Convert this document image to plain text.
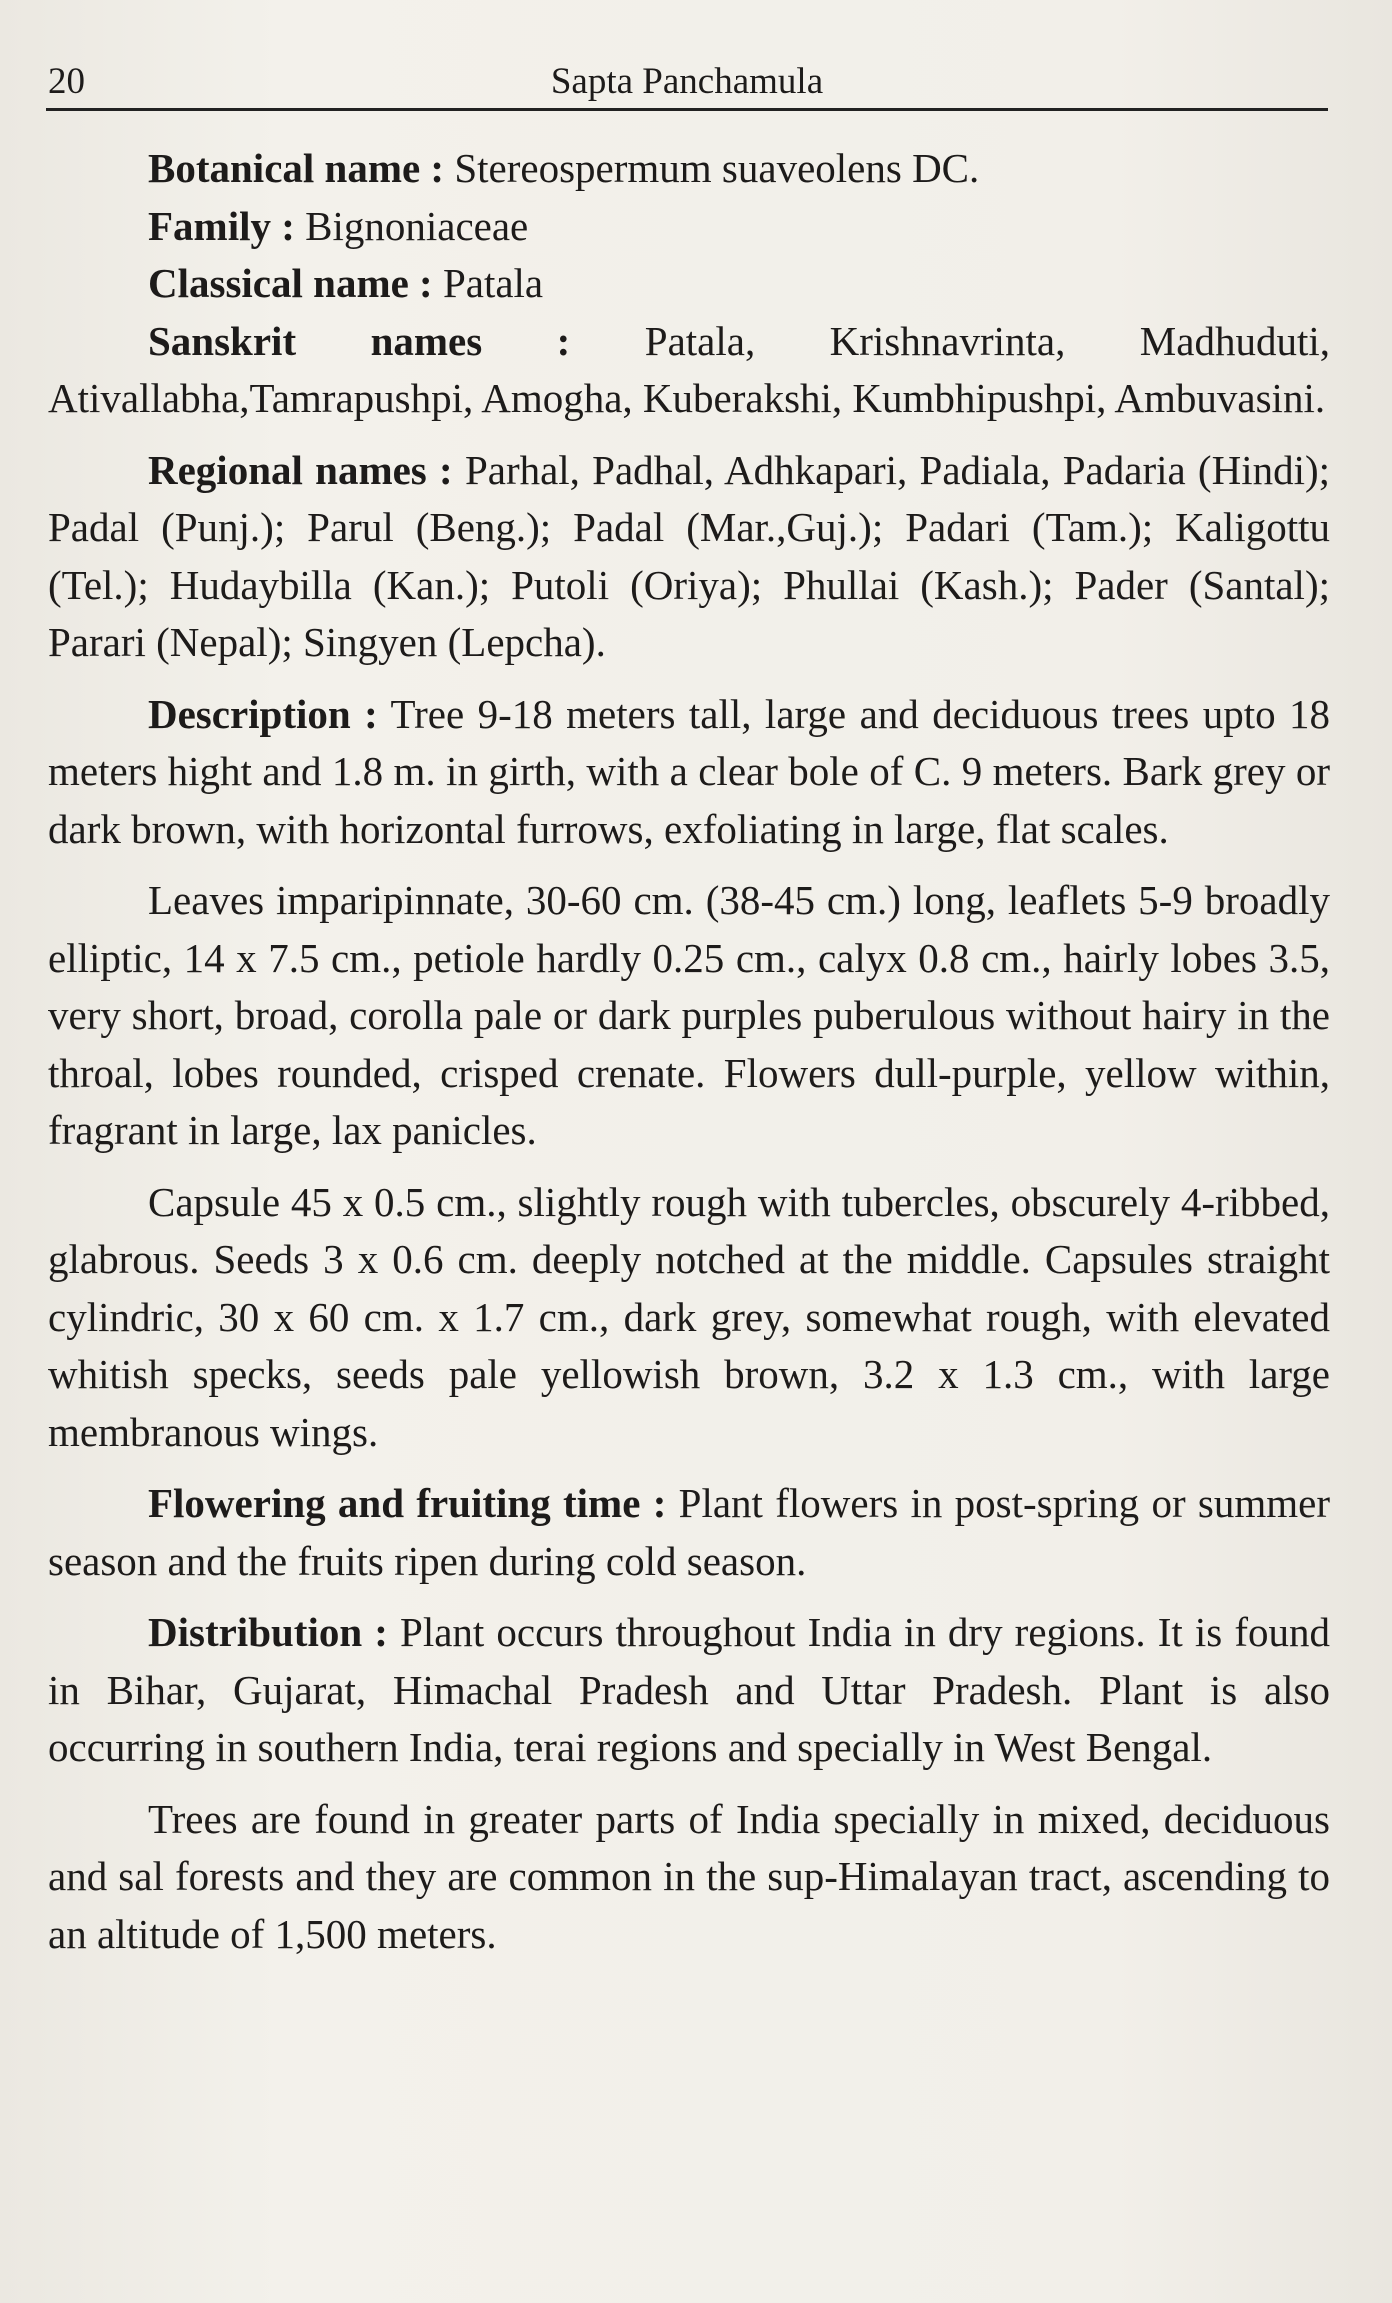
20	Sapta Panchamula

Botanical name : Stereospermum suaveolens DC.

Family : Bignoniaceae

Classical name : Patala

Sanskrit names : Patala, Krishnavrinta, Madhuduti, Ativallabha,Tamrapushpi, Amogha, Kuberakshi, Kumbhipushpi, Ambuvasini.

Regional names : Parhal, Padhal, Adhkapari, Padiala, Padaria (Hindi); Padal (Punj.); Parul (Beng.); Padal (Mar.,Guj.); Padari (Tam.); Kaligottu (Tel.); Hudaybilla (Kan.); Putoli (Oriya); Phullai (Kash.); Pader (Santal); Parari (Nepal); Singyen (Lepcha).

Description : Tree 9-18 meters tall, large and deciduous trees upto 18 meters hight and 1.8 m. in girth, with a clear bole of C. 9 meters. Bark grey or dark brown, with horizontal furrows, exfoliating in large, flat scales.

Leaves imparipinnate, 30-60 cm. (38-45 cm.) long, leaflets 5-9 broadly elliptic, 14 x 7.5 cm., petiole hardly 0.25 cm., calyx 0.8 cm., hairly lobes 3.5, very short, broad, corolla pale or dark purples puberulous without hairy in the throal, lobes rounded, crisped crenate. Flowers dull-purple, yellow within, fragrant in large, lax panicles.

Capsule 45 x 0.5 cm., slightly rough with tubercles, obscurely 4-ribbed, glabrous. Seeds 3 x 0.6 cm. deeply notched at the middle. Capsules straight cylindric, 30 x 60 cm. x 1.7 cm., dark grey, somewhat rough, with elevated whitish specks, seeds pale yellowish brown, 3.2 x 1.3 cm., with large membranous wings.

Flowering and fruiting time : Plant flowers in post-spring or summer season and the fruits ripen during cold season.

Distribution : Plant occurs throughout India in dry regions. It is found in Bihar, Gujarat, Himachal Pradesh and Uttar Pradesh. Plant is also occurring in southern India, terai regions and specially in West Bengal.

Trees are found in greater parts of India specially in mixed, deciduous and sal forests and they are common in the sup-Himalayan tract, ascending to an altitude of 1,500 meters.
